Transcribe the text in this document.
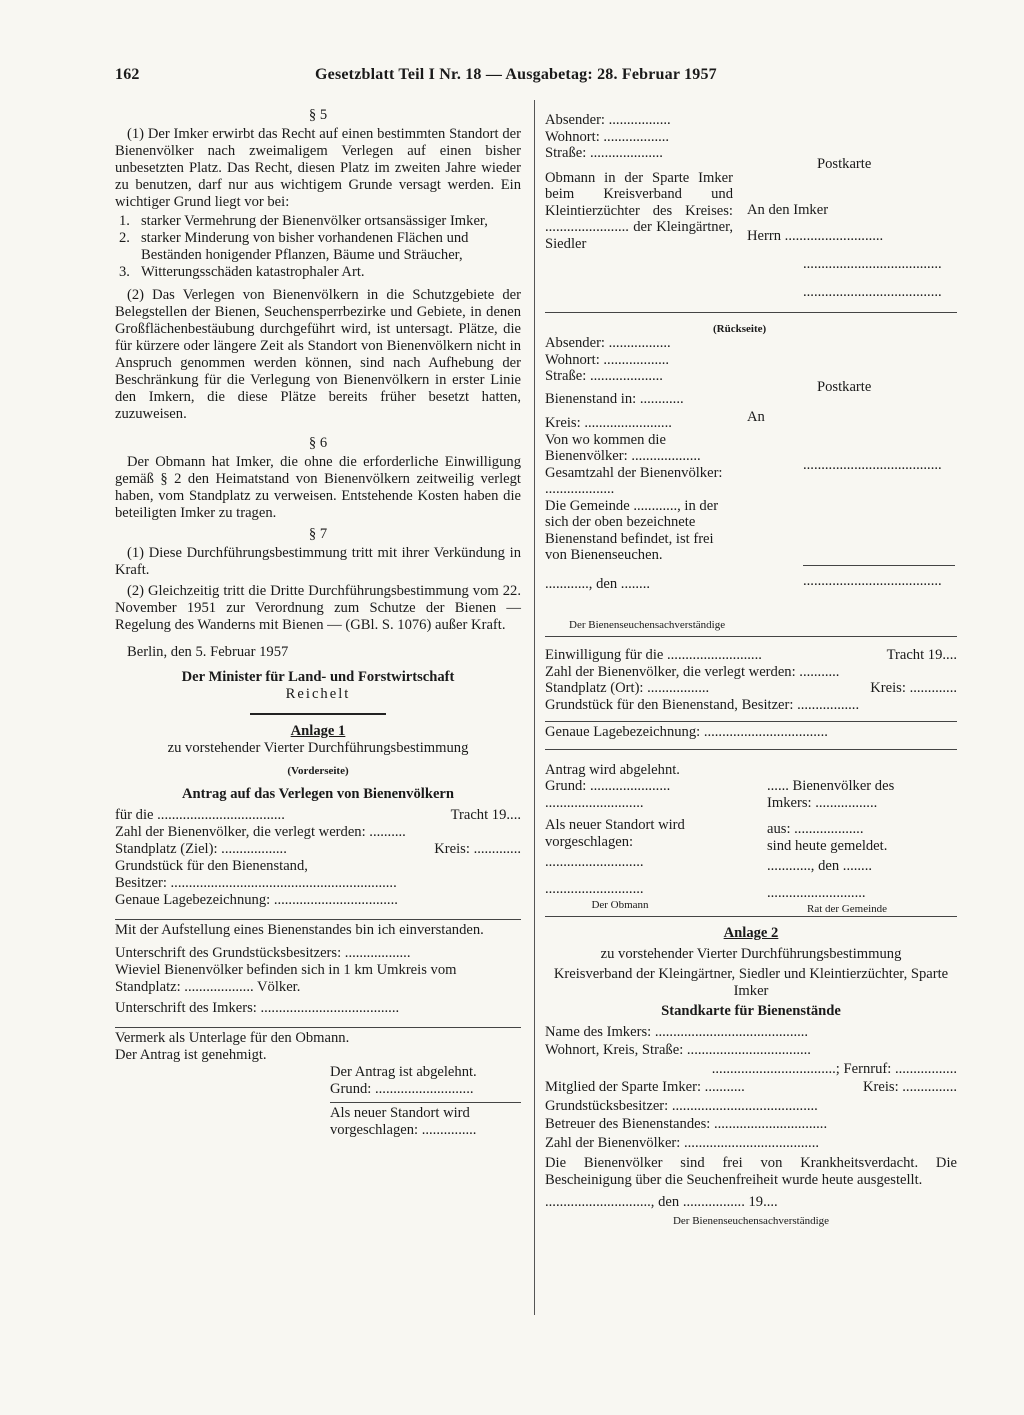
162	Gesetzblatt Teil I Nr. 18 — Ausgabetag: 28. Februar 1957

§ 5

(1) Der Imker erwirbt das Recht auf einen bestimmten Standort der Bienenvölker nach zweimaligem Verlegen auf einen bisher unbesetzten Platz. Das Recht, diesen Platz im zweiten Jahre wieder zu benutzen, darf nur aus wichtigem Grunde versagt werden. Ein wichtiger Grund liegt vor bei:

1. starker Vermehrung der Bienenvölker ortsansässiger Imker,
2. starker Minderung von bisher vorhandenen Flächen und Beständen honigender Pflanzen, Bäume und Sträucher,
3. Witterungsschäden katastrophaler Art.

(2) Das Verlegen von Bienenvölkern in die Schutzgebiete der Belegstellen der Bienen, Seuchensperrbezirke und Gebiete, in denen Großflächenbestäubung durchgeführt wird, ist untersagt. Plätze, die für kürzere oder längere Zeit als Standort von Bienenvölkern nicht in Anspruch genommen werden können, sind nach Aufhebung der Beschränkung für die Verlegung von Bienenvölkern in erster Linie den Imkern, die diese Plätze bereits früher besetzt hatten, zuzuweisen.

§ 6

Der Obmann hat Imker, die ohne die erforderliche Einwilligung gemäß § 2 den Heimatstand von Bienenvölkern zeitweilig verlegt haben, vom Standplatz zu verweisen. Entstehende Kosten haben die beteiligten Imker zu tragen.

§ 7

(1) Diese Durchführungsbestimmung tritt mit ihrer Verkündung in Kraft.

(2) Gleichzeitig tritt die Dritte Durchführungsbestimmung vom 22. November 1951 zur Verordnung zum Schutze der Bienen — Regelung des Wanderns mit Bienen — (GBl. S. 1076) außer Kraft.

Berlin, den 5. Februar 1957

Der Minister für Land- und Forstwirtschaft

Reichelt

Anlage 1

zu vorstehender Vierter Durchführungsbestimmung

(Vorderseite)

Antrag auf das Verlegen von Bienenvölkern

für die ...................................	Tracht 19....

Zahl der Bienenvölker, die verlegt werden: ..........

Standplatz (Ziel): ..................	Kreis: .............

Grundstück für den Bienenstand,

Besitzer: ..............................................................

Genaue Lagebezeichnung: ..................................

Mit der Aufstellung eines Bienenstandes bin ich einverstanden.

Unterschrift des Grundstücksbesitzers: ..................

Wieviel Bienenvölker befinden sich in 1 km Umkreis vom Standplatz: ................... Völker.

Unterschrift des Imkers: ......................................

Vermerk als Unterlage für den Obmann.

Der Antrag ist genehmigt.

Der Antrag ist abgelehnt.

Grund: ...........................

Als neuer Standort wird vorgeschlagen: ...............

Absender: .................

Wohnort: ..................

Straße: ....................

Obmann in der Sparte Imker beim Kreisverband und Kleintierzüchter des Kreises: ....................... der Kleingärtner, Siedler

Postkarte

An den Imker

Herrn ...........................

......................................

......................................

(Rückseite)

Absender: .................

Wohnort: ..................

Straße: ....................

Bienenstand in: ............

Kreis: ........................

Von wo kommen die Bienenvölker: ...................

Gesamtzahl der Bienenvölker: ...................

Die Gemeinde ............, in der sich der oben bezeichnete Bienenstand befindet, ist frei von Bienenseuchen.

............, den ........

Postkarte

An

......................................

......................................

Der Bienenseuchensachverständige

Einwilligung für die ..........................	Tracht 19....

Zahl der Bienenvölker, die verlegt werden: ...........

Standplatz (Ort): .................	Kreis: .............

Grundstück für den Bienenstand, Besitzer: .................

Genaue Lagebezeichnung: ..................................

Antrag wird abgelehnt.

Grund: ......................

...........................

Als neuer Standort wird vorgeschlagen:

...........................

...........................

Der Obmann

...... Bienenvölker des

Imkers: .................

aus: ...................

sind heute gemeldet.

............, den ........

...........................

Rat der Gemeinde

Anlage 2

zu vorstehender Vierter Durchführungsbestimmung

Kreisverband der Kleingärtner, Siedler und Kleintierzüchter, Sparte Imker

Standkarte für Bienenstände

Name des Imkers: ..........................................

Wohnort, Kreis, Straße: ..................................

..................................; Fernruf: .................

Mitglied der Sparte Imker: ...........	Kreis: ...............

Grundstücksbesitzer: ........................................

Betreuer des Bienenstandes: ...............................

Zahl der Bienenvölker: .....................................

Die Bienenvölker sind frei von Krankheitsverdacht. Die Bescheinigung über die Seuchenfreiheit wurde heute ausgestellt.

............................., den ................. 19....

Der Bienenseuchensachverständige
